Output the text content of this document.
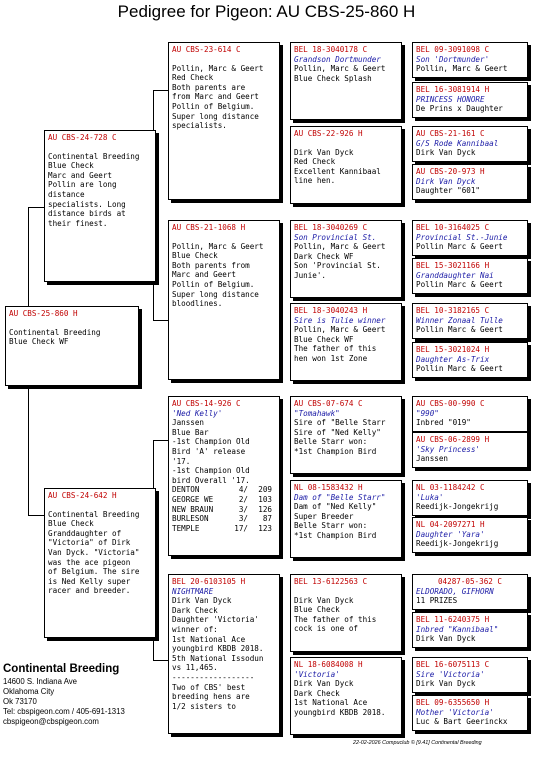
Pedigree for Pigeon: AU CBS-25-860 H
AU CBS-25-860 H
Continental Breeding
Blue Check WF
AU CBS-24-728 C
Continental Breeding
Blue Check
Marc and Geert
Pollin are long
distance
specialists. Long
distance birds at
their finest.
AU CBS-24-642 H
Continental Breeding
Blue Check
Granddaughter of
"Victoria" of Dirk
Van Dyck. "Victoria"
was the ace pigeon
of Belgium. The sire
is Ned Kelly super
racer and breeder.
AU CBS-23-614 C
Pollin, Marc & Geert
Red Check
Both parents are
from Marc and Geert
Pollin of Belgium.
Super long distance
specialists.
AU CBS-21-1068 H
Pollin, Marc & Geert
Blue Check
Both parents from
Marc and Geert
Pollin of Belgium.
Super long distance
bloodlines.
AU CBS-14-926 C
'Ned Kelly'
Janssen
Blue Bar
-1st Champion Old
Bird 'A' release
'17.
-1st Champion Old
bird Overall '17.
DENTON	4/	209
GEORGE WE	2/	103
NEW BRAUN	3/	126
BURLESON	3/	87
TEMPLE	17/	123
BEL 20-6103105 H
NIGHTMARE
Dirk Van Dyck
Dark Check
Daughter 'Victoria'
winner of:
1st National Ace
youngbird KBDB 2018.
5th National Issodun
vs 11,465.
------------------
Two of CBS' best
breeding hens are
1/2 sisters to
BEL 18-3040178 C
Grandson Dortmunder
Pollin, Marc & Geert
Blue Check Splash
AU CBS-22-926 H
Dirk Van Dyck
Red Check
Excellent Kannibaal
line hen.
BEL 18-3040269 C
Son Provincial St.
Pollin, Marc & Geert
Dark Check WF
Son 'Provincial St.
Junie'.
BEL 18-3040243 H
Sire is Tulie winner
Pollin, Marc & Geert
Blue Check WF
The father of this
hen won 1st Zone
AU CBS-07-674 C
"Tomahawk"
Sire of "Belle Starr
Sire of "Ned Kelly"
Belle Starr won:
*1st Champion Bird
NL 08-1583432 H
Dam of "Belle Starr"
Dam of "Ned Kelly"
Super Breeder
Belle Starr won:
*1st Champion Bird
BEL 13-6122563 C
Dirk Van Dyck
Blue Check
The father of this
cock is one of
NL 18-6084008 H
'Victoria'
Dirk Van Dyck
Dark Check
1st National Ace
youngbird KBDB 2018.
BEL 09-3091098 C
Son 'Dortmunder'
Pollin, Marc & Geert
BEL 16-3081914 H
PRINCESS HONORE
De Prins x Daughter
AU CBS-21-161 C
G/S Rode Kannibaal
Dirk Van Dyck
AU CBS-20-973 H
Dirk Van Dyck
Daughter "601"
BEL 10-3164025 C
Provincial St.-Junie
Pollin Marc & Geert
BEL 15-3021166 H
Granddaughter Nai
Pollin Marc & Geert
BEL 10-3182165 C
Winner Zonaal Tulle
Pollin Marc & Geert
BEL 15-3021024 H
Daughter As-Trix
Pollin Marc & Geert
AU CBS-00-990 C
"990"
Inbred "019"
AU CBS-06-2899 H
'Sky Princess'
Janssen
NL 03-1184242 C
'Luka'
Reedijk-Jongekrijg
NL 04-2097271 H
Daughter 'Yara'
Reedijk-Jongekrijg
04287-05-362 C
ELDORADO, GIFHORN
11 PRIZES
BEL 11-6240375 H
Inbred "Kannibaal"
Dirk Van Dyck
BEL 16-6075113 C
Sire 'Victoria'
Dirk Van Dyck
BEL 09-6355650 H
Mother 'Victoria'
Luc & Bart Geerinckx
Continental Breeding
14600 S. Indiana Ave
Oklahoma City
Ok 73170
Tel: cbspigeon.com / 405-691-1313
cbspigeon@cbspigeon.com
22-02-2026 Compuclub © [9.41] Continental Breeding
